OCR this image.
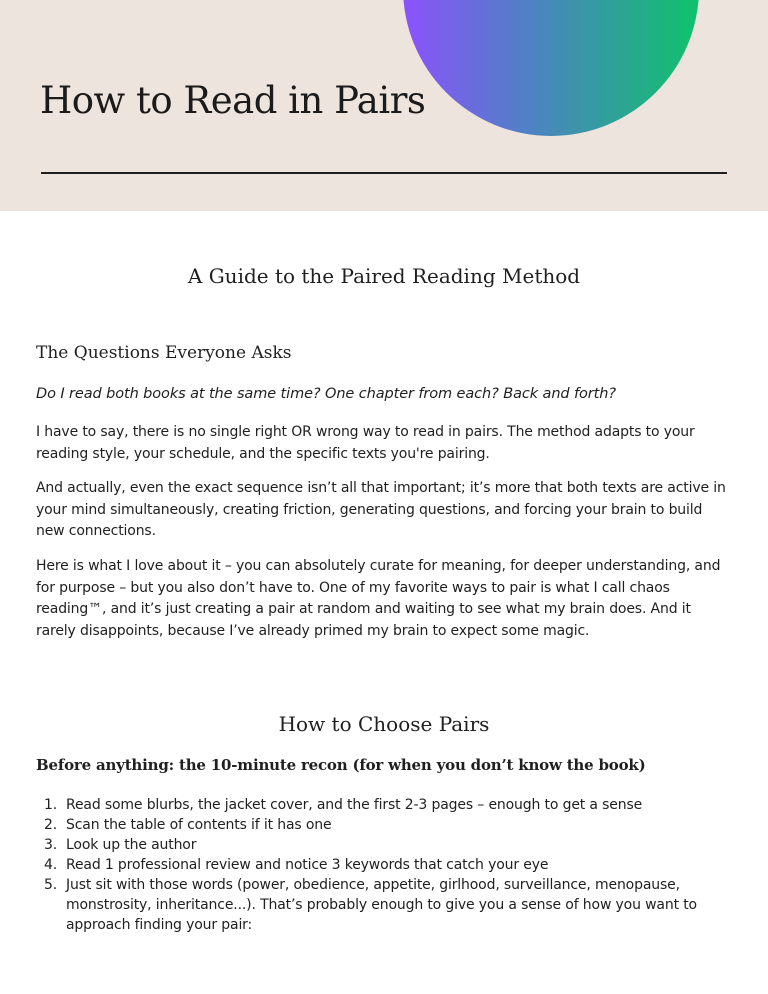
How to Read in Pairs
A Guide to the Paired Reading Method
The Questions Everyone Asks

Do I read both books at the same time? One chapter from each? Back and forth?

I have to say, there is no single right OR wrong way to read in pairs. The method adapts to your reading style, your schedule, and the specific texts you're pairing.

And actually, even the exact sequence isn’t all that important; it’s more that both texts are active in your mind simultaneously, creating friction, generating questions, and forcing your brain to build new connections.

Here is what I love about it – you can absolutely curate for meaning, for deeper understanding, and for purpose – but you also don’t have to. One of my favorite ways to pair is what I call chaos reading™, and it’s just creating a pair at random and waiting to see what my brain does. And it rarely disappoints, because I’ve already primed my brain to expect some magic.

How to Choose Pairs
Before anything: the 10-minute recon (for when you don’t know the book)
1. Read some blurbs, the jacket cover, and the first 2-3 pages – enough to get a sense
2. Scan the table of contents if it has one
3. Look up the author
4. Read 1 professional review and notice 3 keywords that catch your eye
5. Just sit with those words (power, obedience, appetite, girlhood, surveillance, menopause, monstrosity, inheritance...). That’s probably enough to give you a sense of how you want to approach finding your pair:
